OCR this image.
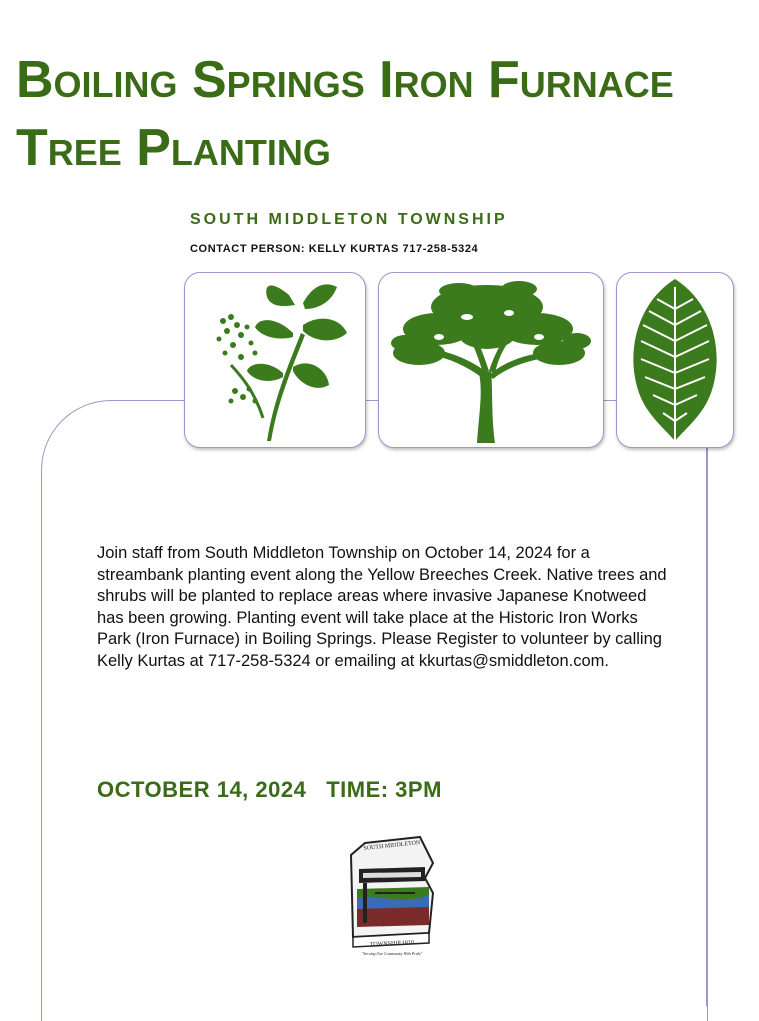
Boiling Springs Iron Furnace
Tree Planting
SOUTH MIDDLETON TOWNSHIP
CONTACT PERSON: KELLY KURTAS 717-258-5324

Join staff from South Middleton Township on October 14, 2024 for a streambank planting event along the Yellow Breeches Creek. Native trees and shrubs will be planted to replace areas where invasive Japanese Knotweed has been growing. Planting event will take place at the Historic Iron Works Park (Iron Furnace) in Boiling Springs. Please Register to volunteer by calling Kelly Kurtas at 717-258-5324 or emailing at kkurtas@smiddleton.com.

OCTOBER 14, 2024   TIME: 3PM
TOWNSHIP 1810
SOUTH MIDDLETON
"Serving Our Community With Pride"
